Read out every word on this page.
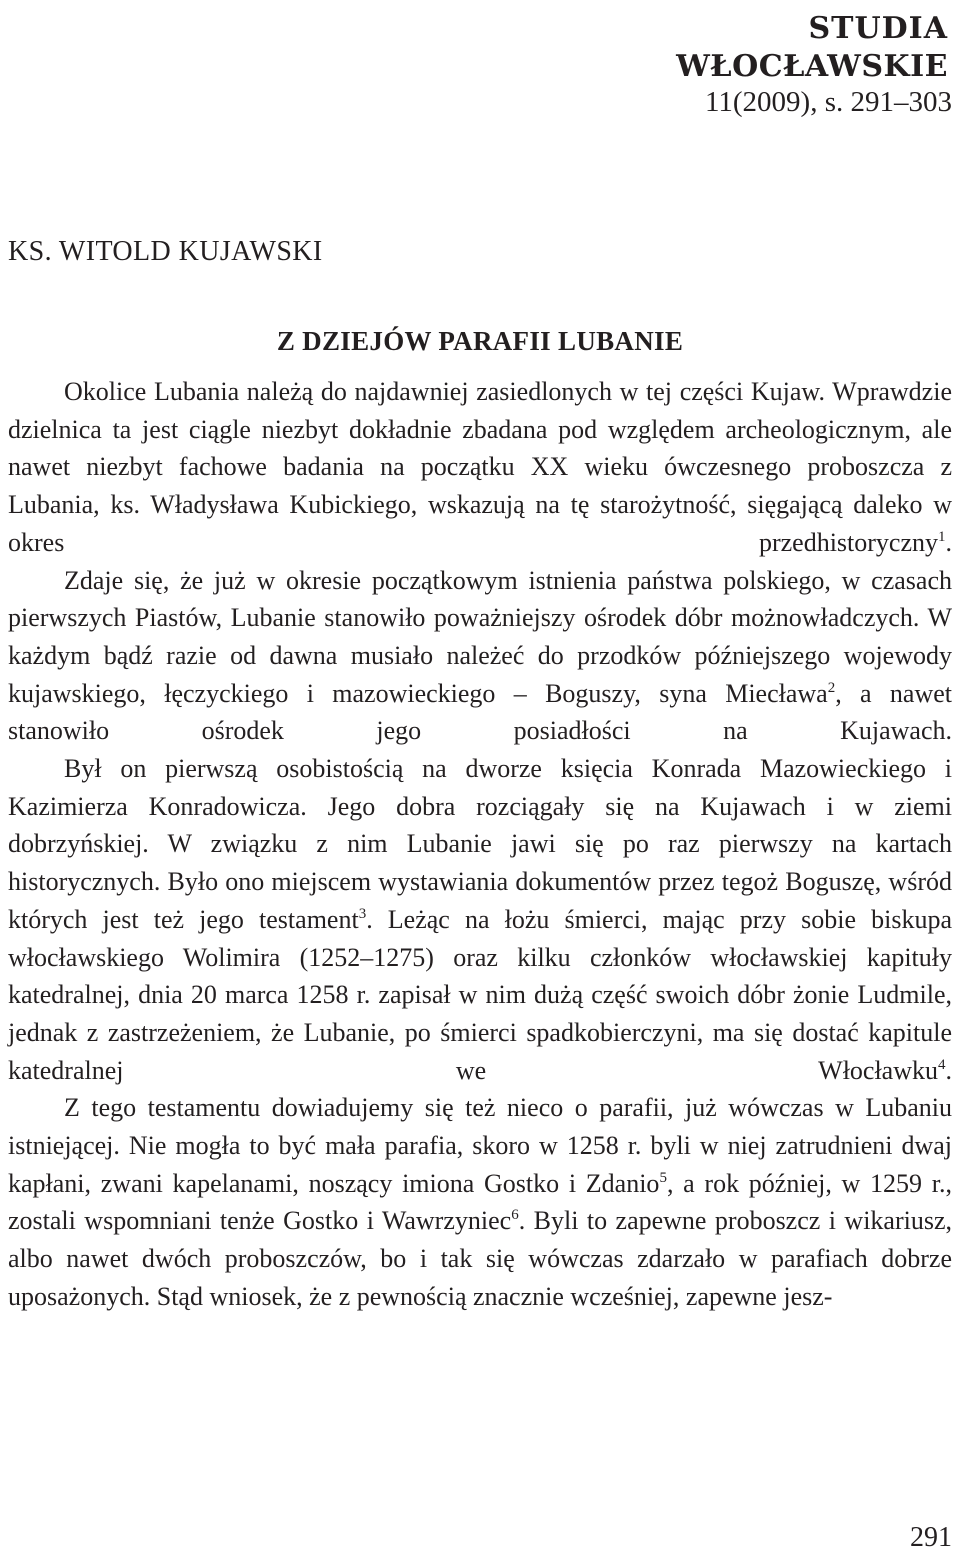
STUDIA
WŁOCŁAWSKIE
11(2009), s. 291–303
KS. WITOLD KUJAWSKI
Z DZIEJÓW PARAFII LUBANIE

Okolice Lubania należą do najdawniej zasiedlonych w tej części Kujaw. Wprawdzie dzielnica ta jest ciągle niezbyt dokładnie zbadana pod względem archeologicznym, ale nawet niezbyt fachowe badania na początku XX wieku ówczesnego proboszcza z Lubania, ks. Władysława Kubickiego, wskazują na tę starożytność, sięgającą daleko w okres przedhistoryczny$^1$.

Zdaje się, że już w okresie początkowym istnienia państwa polskiego, w czasach pierwszych Piastów, Lubanie stanowiło poważniejszy ośrodek dóbr możnowładczych. W każdym bądź razie od dawna musiało należeć do przodków późniejszego wojewody kujawskiego, łęczyckiego i mazowieckiego – Boguszy, syna Miecława$^2$, a nawet stanowiło ośrodek jego posiadłości na Kujawach.

Był on pierwszą osobistością na dworze księcia Konrada Mazowieckiego i Kazimierza Konradowicza. Jego dobra rozciągały się na Kujawach i w ziemi dobrzyńskiej. W związku z nim Lubanie jawi się po raz pierwszy na kartach historycznych. Było ono miejscem wystawiania dokumentów przez tegoż Boguszę, wśród których jest też jego testament$^3$. Leżąc na łożu śmierci, mając przy sobie biskupa włocławskiego Wolimira (1252–1275) oraz kilku członków włocławskiej kapituły katedralnej, dnia 20 marca 1258 r. zapisał w nim dużą część swoich dóbr żonie Ludmile, jednak z zastrzeżeniem, że Lubanie, po śmierci spadkobierczyni, ma się dostać kapitule katedralnej we Włocławku$^4$.

Z tego testamentu dowiadujemy się też nieco o parafii, już wówczas w Lubaniu istniejącej. Nie mogła to być mała parafia, skoro w 1258 r. byli w niej zatrudnieni dwaj kapłani, zwani kapelanami, noszący imiona Gostko i Zdanio$^5$, a rok później, w 1259 r., zostali wspomniani tenże Gostko i Wawrzyniec$^6$. Byli to zapewne proboszcz i wikariusz, albo nawet dwóch proboszczów, bo i tak się wówczas zdarzało w parafiach dobrze uposażonych. Stąd wniosek, że z pewnością znacznie wcześniej, zapewne jesz-

291
